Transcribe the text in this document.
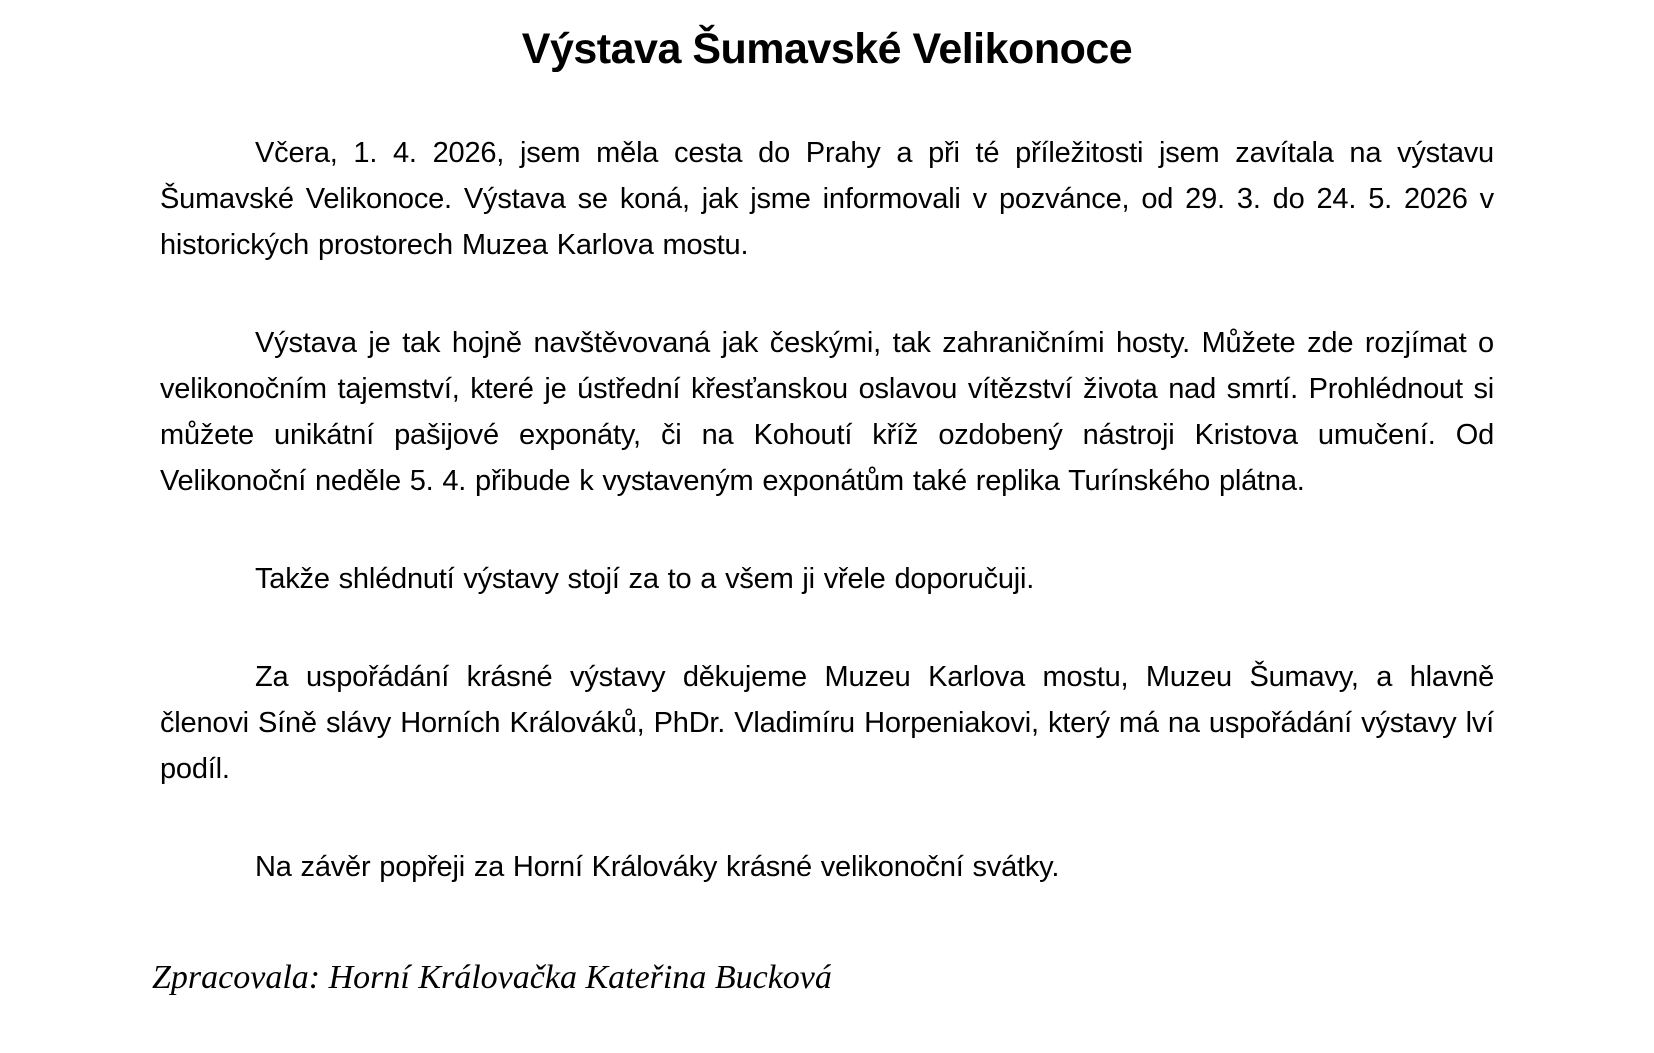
Výstava Šumavské Velikonoce

Včera, 1. 4. 2026, jsem měla cesta do Prahy a při té příležitosti jsem zavítala na výstavu Šumavské Velikonoce. Výstava se koná, jak jsme informovali v pozvánce, od 29. 3. do 24. 5. 2026 v historických prostorech Muzea Karlova mostu.

Výstava je tak hojně navštěvovaná jak českými, tak zahraničními hosty. Můžete zde rozjímat o velikonočním tajemství, které je ústřední křesťanskou oslavou vítězství života nad smrtí. Prohlédnout si můžete unikátní pašijové exponáty, či na Kohoutí kříž ozdobený nástroji Kristova umučení. Od Velikonoční neděle 5. 4. přibude k vystaveným exponátům také replika Turínského plátna.

Takže shlédnutí výstavy stojí za to a všem ji vřele doporučuji.

Za uspořádání krásné výstavy děkujeme Muzeu Karlova mostu, Muzeu Šumavy, a hlavně členovi Síně slávy Horních Králováků, PhDr. Vladimíru Horpeniakovi, který má na uspořádání výstavy lví podíl.

Na závěr popřeji za Horní Králováky krásné velikonoční svátky.

Zpracovala: Horní Královačka Kateřina Bucková
